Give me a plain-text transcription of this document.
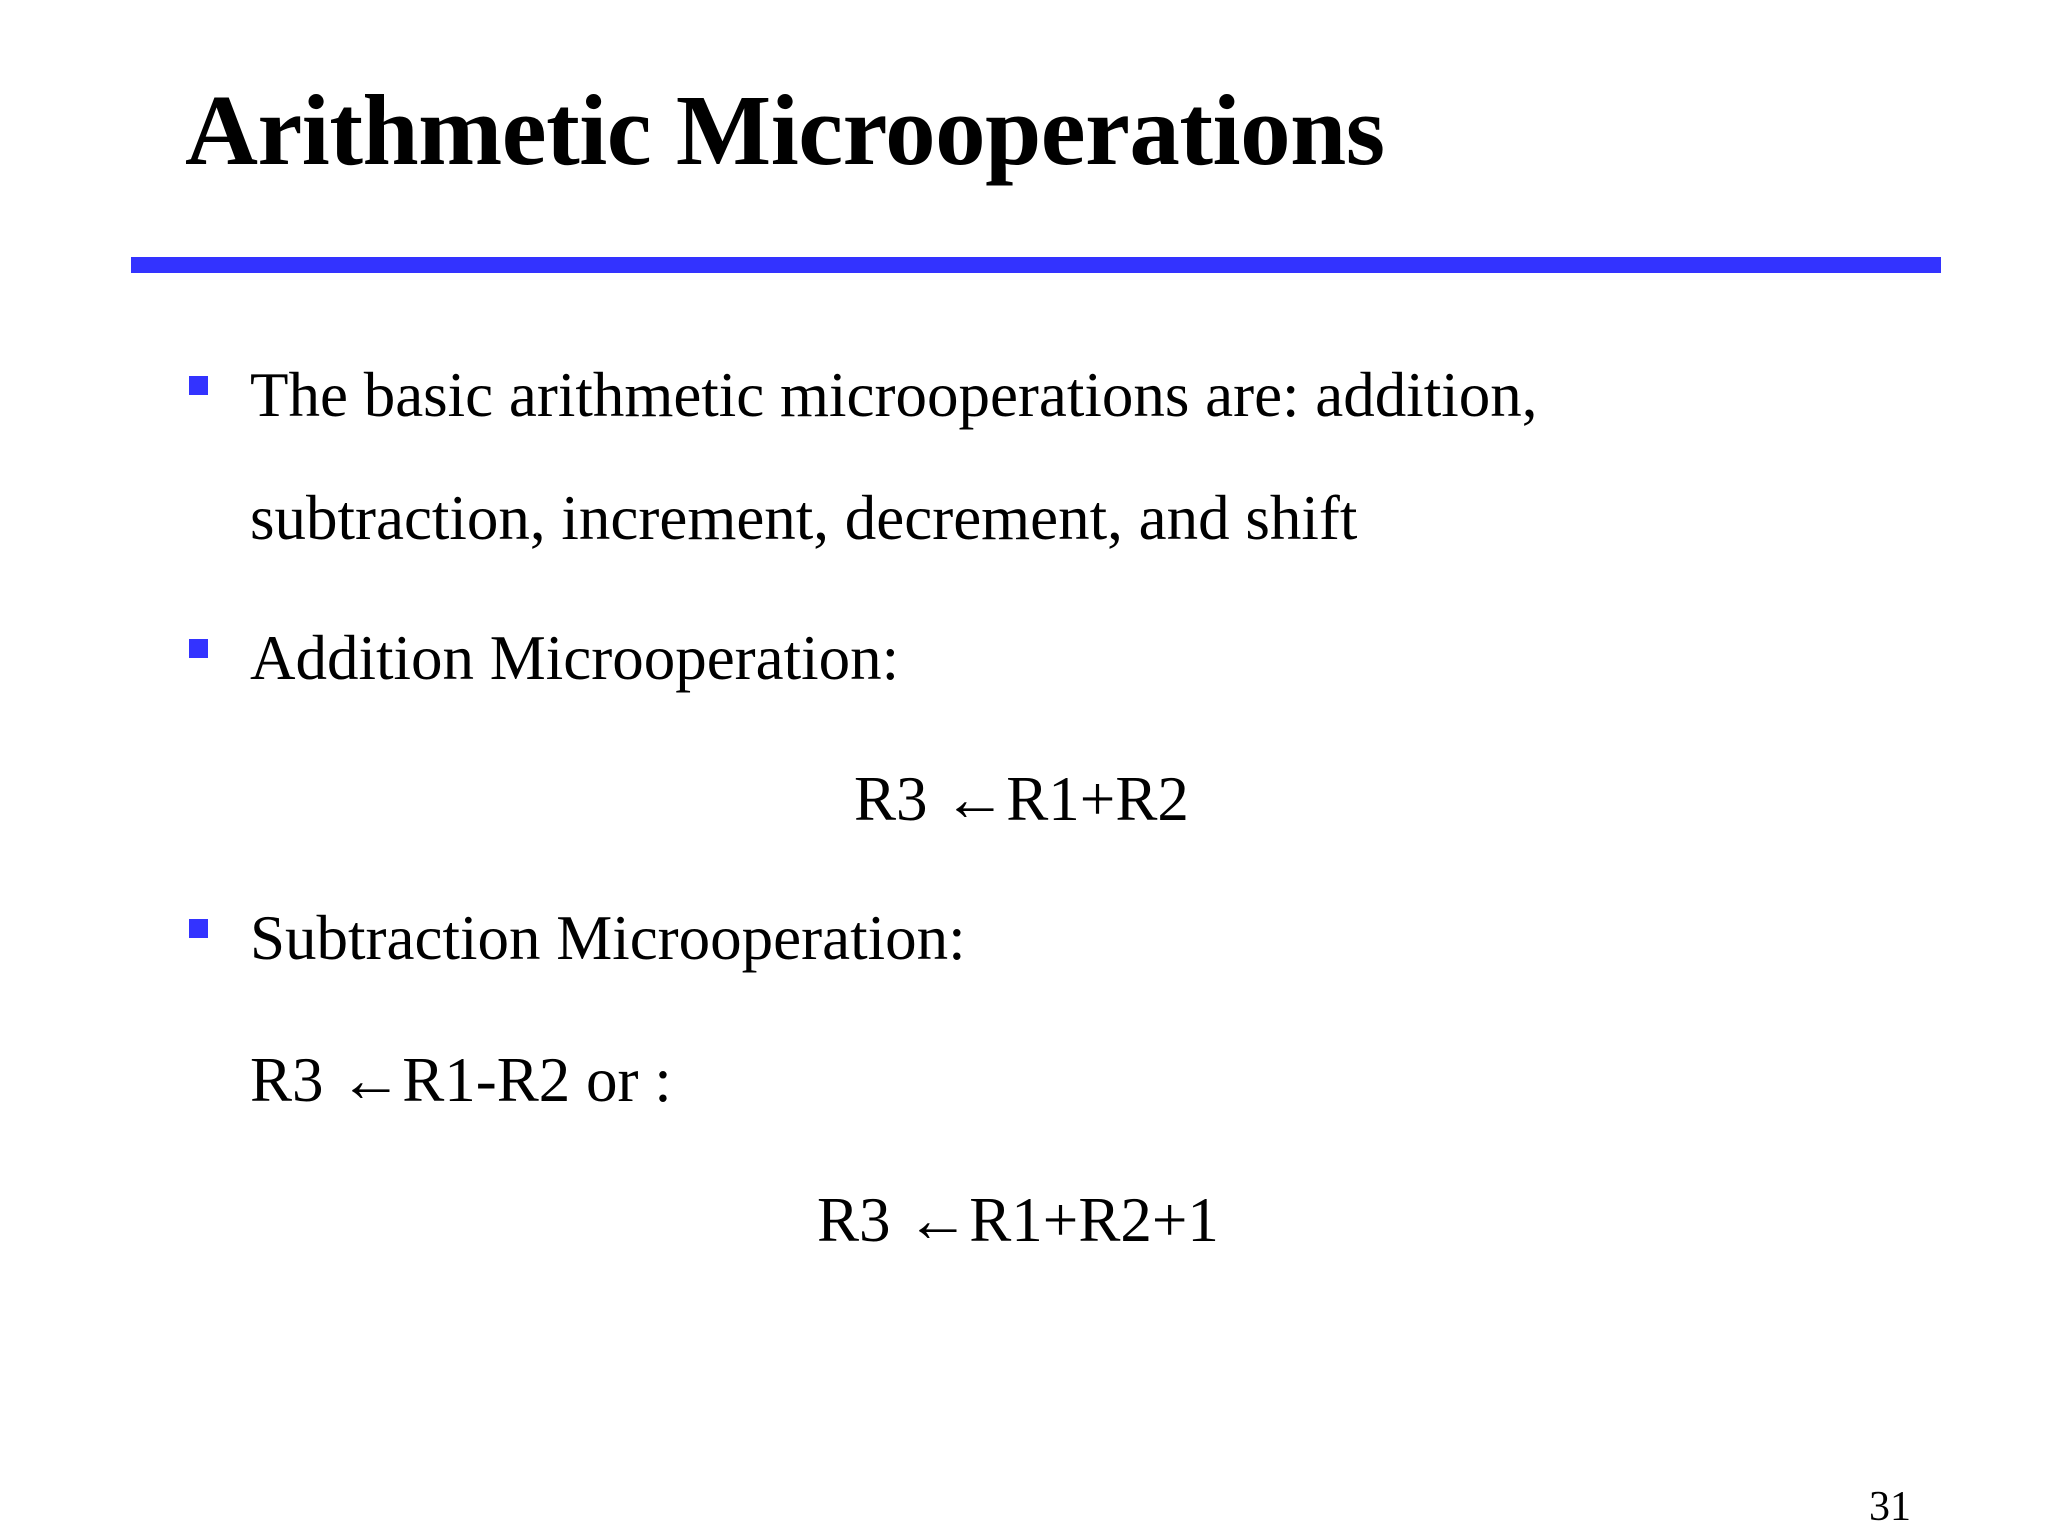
Arithmetic Microoperations
The basic arithmetic microoperations are: addition,
subtraction, increment, decrement, and shift
Addition Microoperation:
R3 ←R1+R2
Subtraction Microoperation:
R3 ←R1-R2 or :
R3 ←R1+R2+1
31
